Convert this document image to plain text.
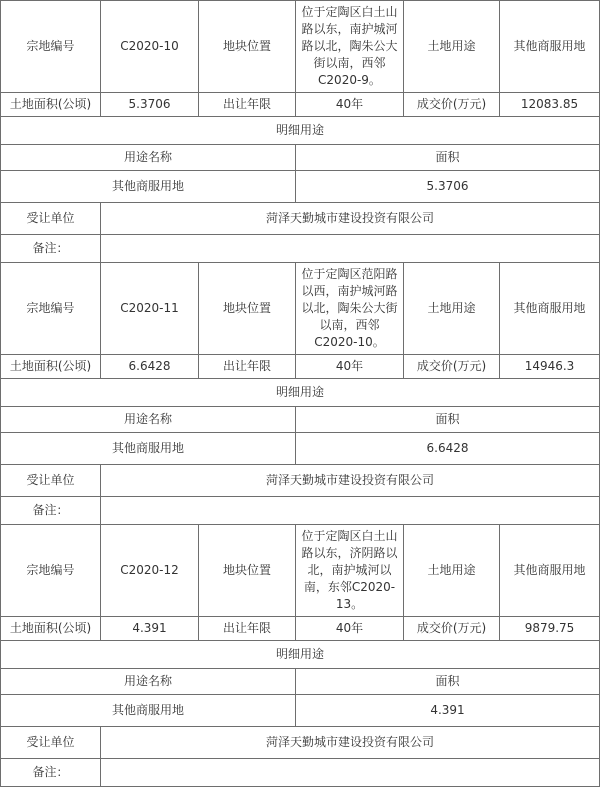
宗地编号	C2020-10	地块位置	位于定陶区白土山路以东，南护城河路以北，陶朱公大街以南，西邻C2020-9。	土地用途	其他商服用地
土地面积(公顷)	5.3706	出让年限	40年	成交价(万元)	12083.85
明细用途					
用途名称			面积		
其他商服用地			5.3706		
受让单位	菏泽天勤城市建设投资有限公司				
备注：					
宗地编号	C2020-11	地块位置	位于定陶区范阳路以西，南护城河路以北，陶朱公大街以南，西邻C2020-10。	土地用途	其他商服用地
土地面积(公顷)	6.6428	出让年限	40年	成交价(万元)	14946.3
明细用途					
用途名称			面积		
其他商服用地			6.6428		
受让单位	菏泽天勤城市建设投资有限公司				
备注：					
宗地编号	C2020-12	地块位置	位于定陶区白土山路以东，济阴路以北，南护城河以南，东邻C2020-13。	土地用途	其他商服用地
土地面积(公顷)	4.391	出让年限	40年	成交价(万元)	9879.75
明细用途					
用途名称			面积		
其他商服用地			4.391		
受让单位	菏泽天勤城市建设投资有限公司				
备注：					
